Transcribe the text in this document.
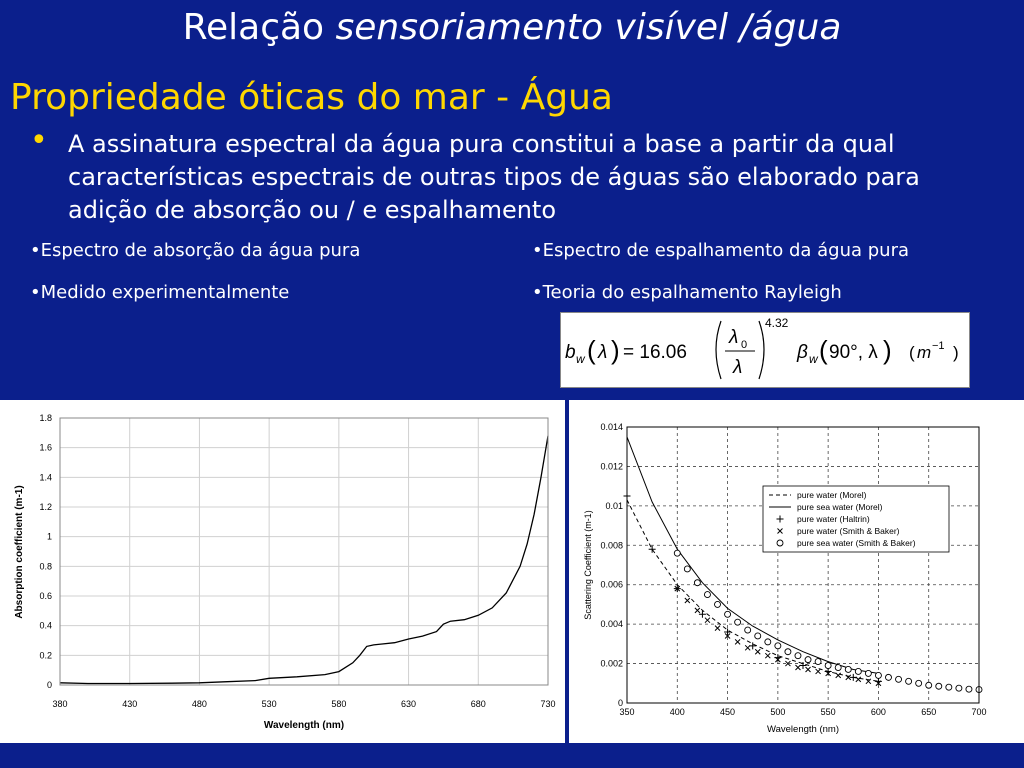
Relação sensoriamento visível /água
Propriedade óticas do mar - Água
• A assinatura espectral da água pura constitui a base a partir da qual características espectrais de outras tipos de águas são elaborado para adição de absorção ou / e espalhamento
•Espectro de absorção da água pura
•Medido experimentalmente
•Espectro de espalhamento da água pura
•Teoria do espalhamento Rayleigh
b w ( λ ) = 16.06
λ 0
λ
4.32
β w ( 90°, λ ) ( m −1 )
0
0.2
0.4
0.6
0.8
1
1.2
1.4
1.6
1.8
380	430	480	530	580	630	680	730
Wavelength (nm)
Absorption coefficient (m-1)
0
0.002
0.004
0.006
0.008
0.01
0.012
0.014
350	400	450	500	550	600	650	700
pure water (Morel)
pure sea water (Morel)
pure water (Haltrin)
pure water (Smith & Baker)
pure sea water (Smith & Baker)
Wavelength (nm)
Scattering Coefficient (m-1)
